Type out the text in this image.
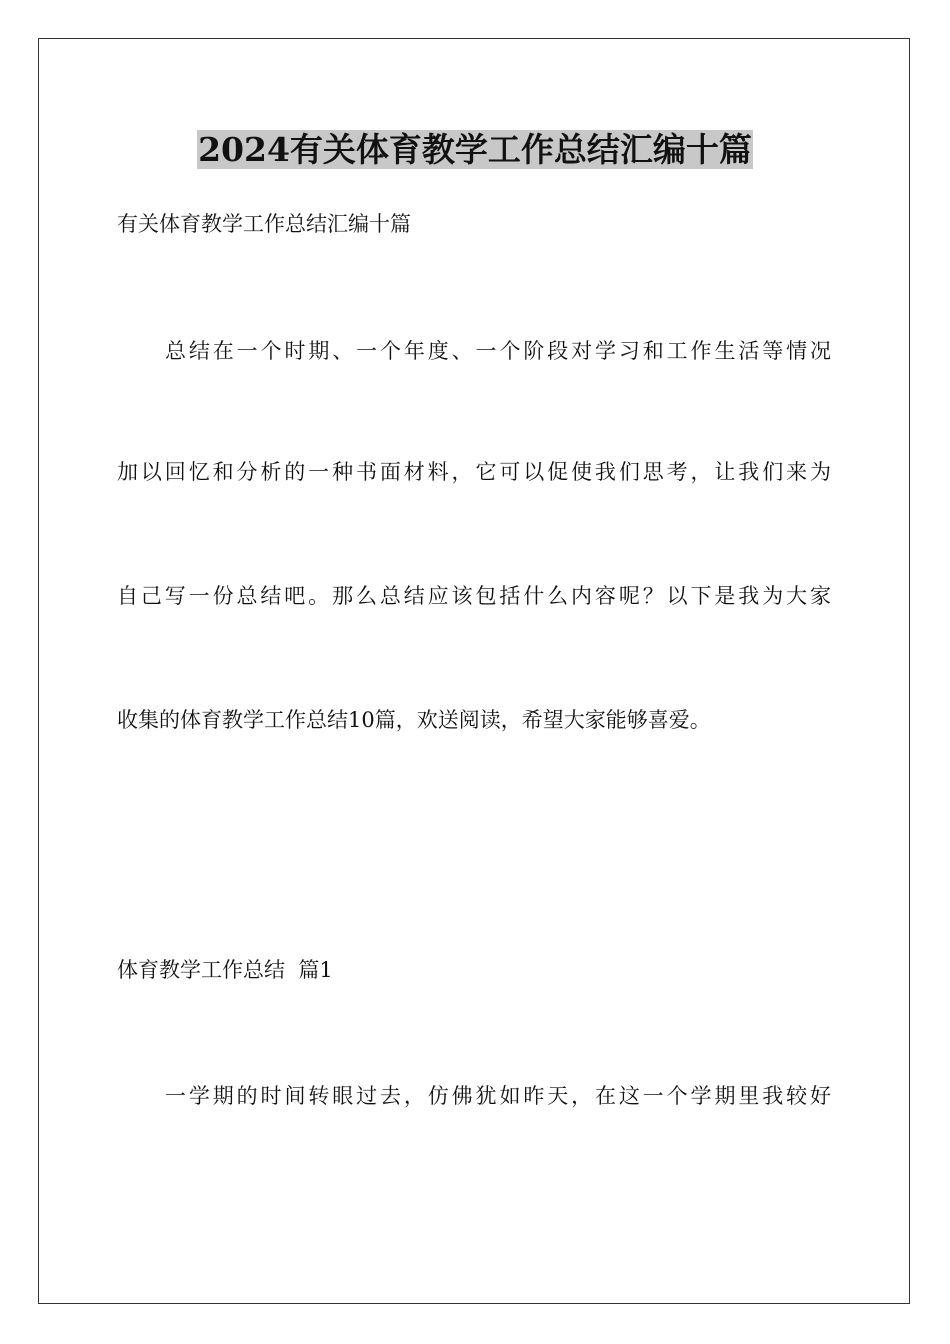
2024有关体育教学工作总结汇编十篇
有关体育教学工作总结汇编十篇
总结在一个时期、一个年度、一个阶段对学习和工作生活等情况
加以回忆和分析的一种书面材料，它可以促使我们思考，让我们来为
自己写一份总结吧。那么总结应该包括什么内容呢？以下是我为大家
收集的体育教学工作总结10篇，欢送阅读，希望大家能够喜爱。
体育教学工作总结  篇1
一学期的时间转眼过去，仿佛犹如昨天，在这一个学期里我较好
